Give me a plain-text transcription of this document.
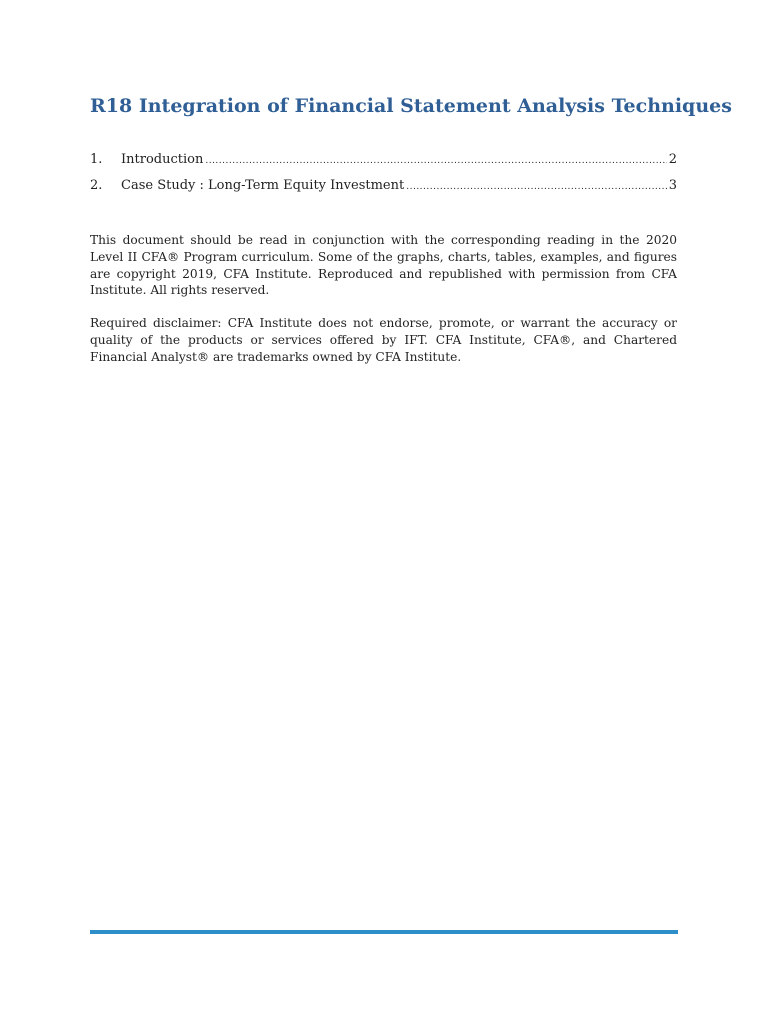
R18 Integration of Financial Statement Analysis Techniques
1.	Introduction .....	2
2.	Case Study : Long-Term Equity Investment .....	3

This document should be read in conjunction with the corresponding reading in the 2020 Level II CFA® Program curriculum. Some of the graphs, charts, tables, examples, and figures are copyright 2019, CFA Institute. Reproduced and republished with permission from CFA Institute. All rights reserved.

Required disclaimer: CFA Institute does not endorse, promote, or warrant the accuracy or quality of the products or services offered by IFT. CFA Institute, CFA®, and Chartered Financial Analyst® are trademarks owned by CFA Institute.
